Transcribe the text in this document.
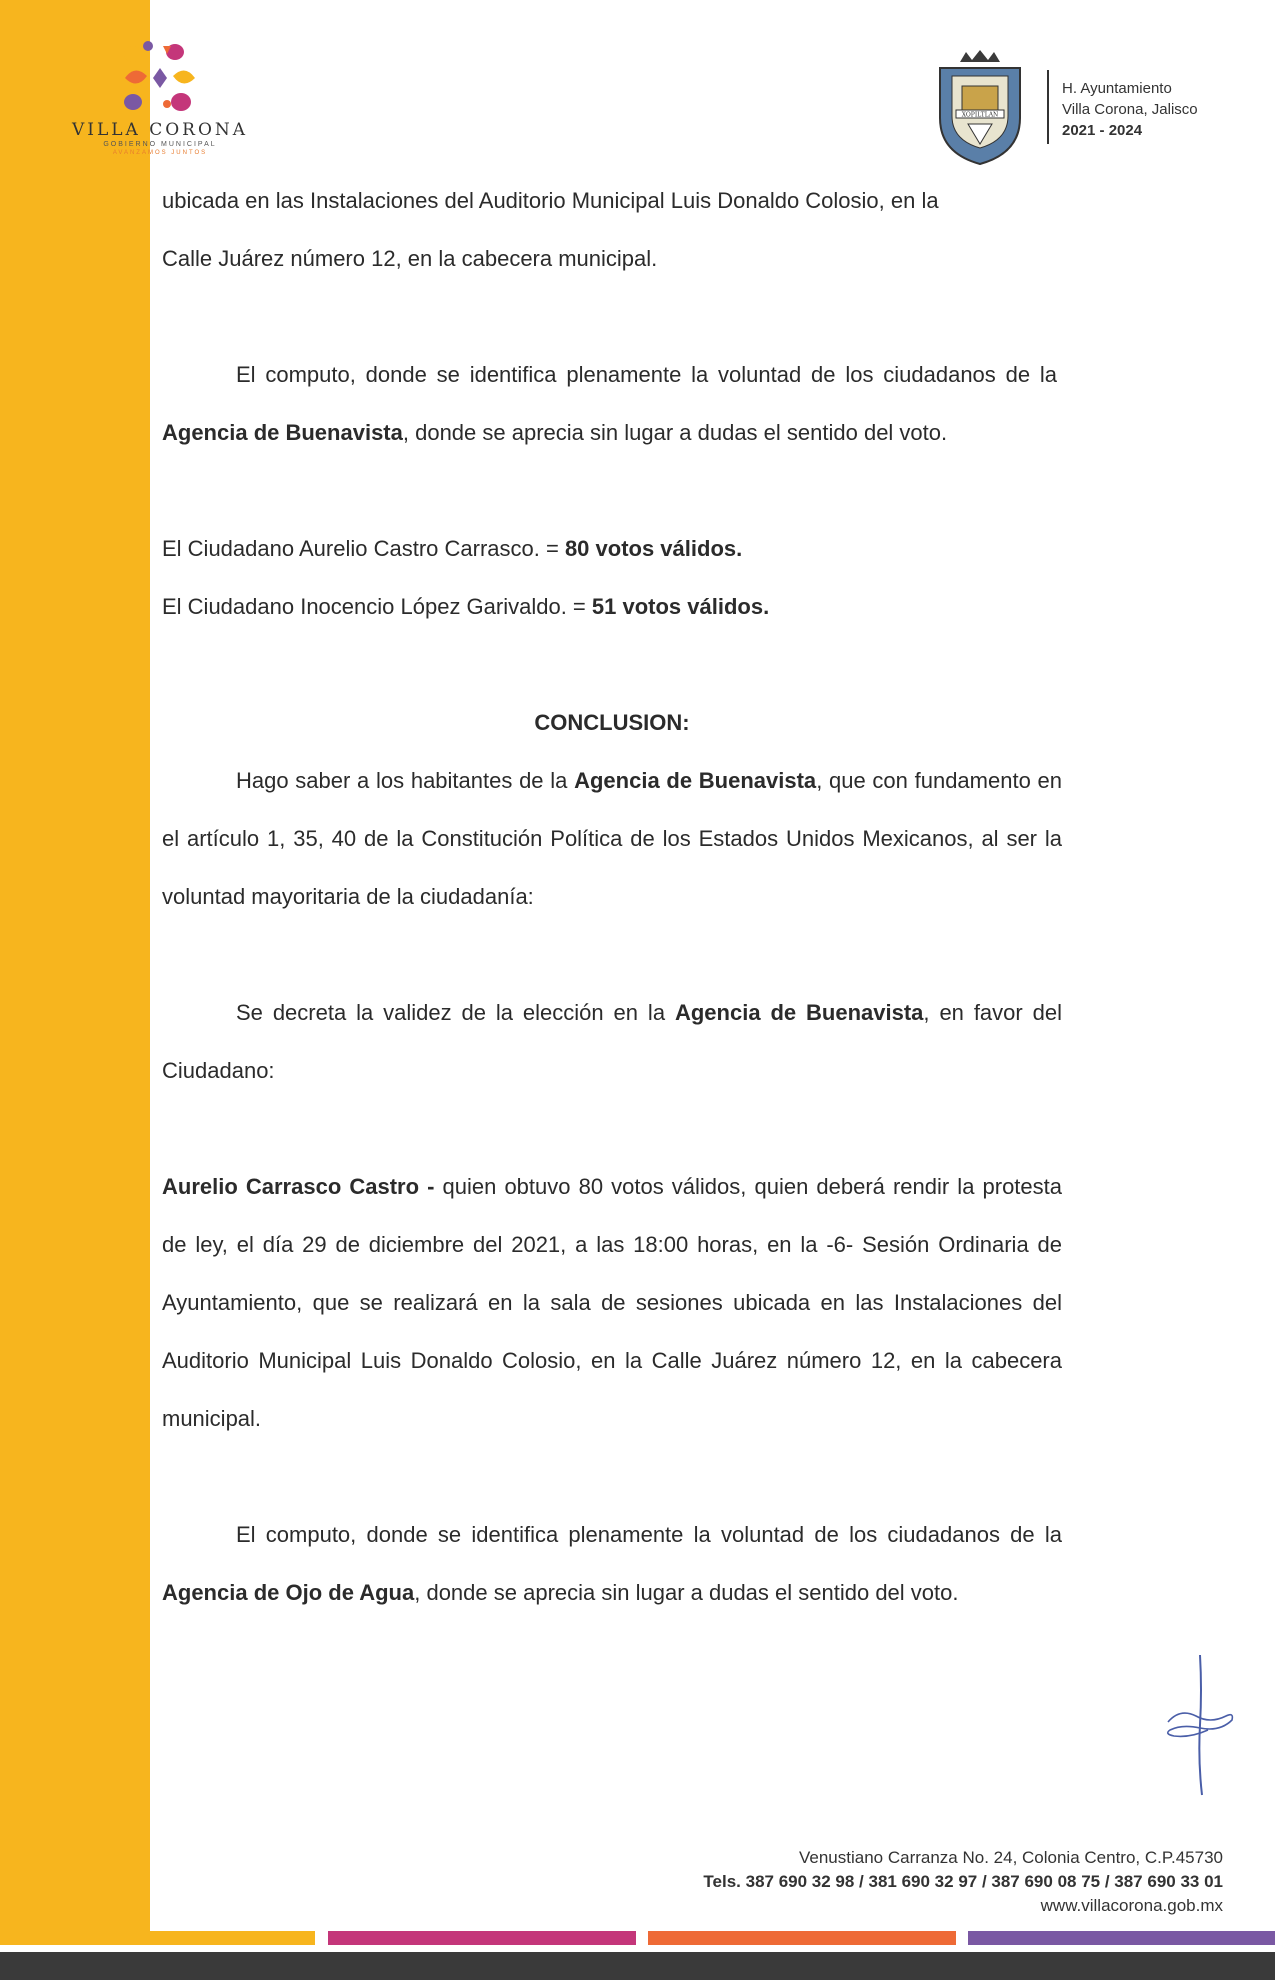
VILLA CORONA
GOBIERNO MUNICIPAL
AVANZAMOS JUNTOS
XOPILTLAN
H. Ayuntamiento
Villa Corona, Jalisco
2021 - 2024

ubicada en las Instalaciones del Auditorio Municipal Luis Donaldo Colosio, en la

Calle Juárez número 12, en la cabecera municipal.

El computo, donde se identifica plenamente la voluntad de los ciudadanos de la Agencia de Buenavista, donde se aprecia sin lugar a dudas el sentido del voto.

El Ciudadano Aurelio Castro Carrasco. = 80 votos válidos.

El Ciudadano Inocencio López Garivaldo. = 51 votos válidos.

CONCLUSION:

Hago saber a los habitantes de la Agencia de Buenavista, que con fundamento en el artículo 1, 35, 40 de la Constitución Política de los Estados Unidos Mexicanos, al ser la voluntad mayoritaria de la ciudadanía:

Se decreta la validez de la elección en la Agencia de Buenavista, en favor del Ciudadano:

Aurelio Carrasco Castro - quien obtuvo 80 votos válidos, quien deberá rendir la protesta de ley, el día 29 de diciembre del 2021, a las 18:00 horas, en la -6- Sesión Ordinaria de Ayuntamiento, que se realizará en la sala de sesiones ubicada en las Instalaciones del Auditorio Municipal Luis Donaldo Colosio, en la Calle Juárez número 12, en la cabecera municipal.

El computo, donde se identifica plenamente la voluntad de los ciudadanos de la Agencia de Ojo de Agua, donde se aprecia sin lugar a dudas el sentido del voto.

Venustiano Carranza No. 24, Colonia Centro, C.P.45730
Tels. 387 690 32 98 / 381 690 32 97 / 387 690 08 75 / 387 690 33 01
www.villacorona.gob.mx
